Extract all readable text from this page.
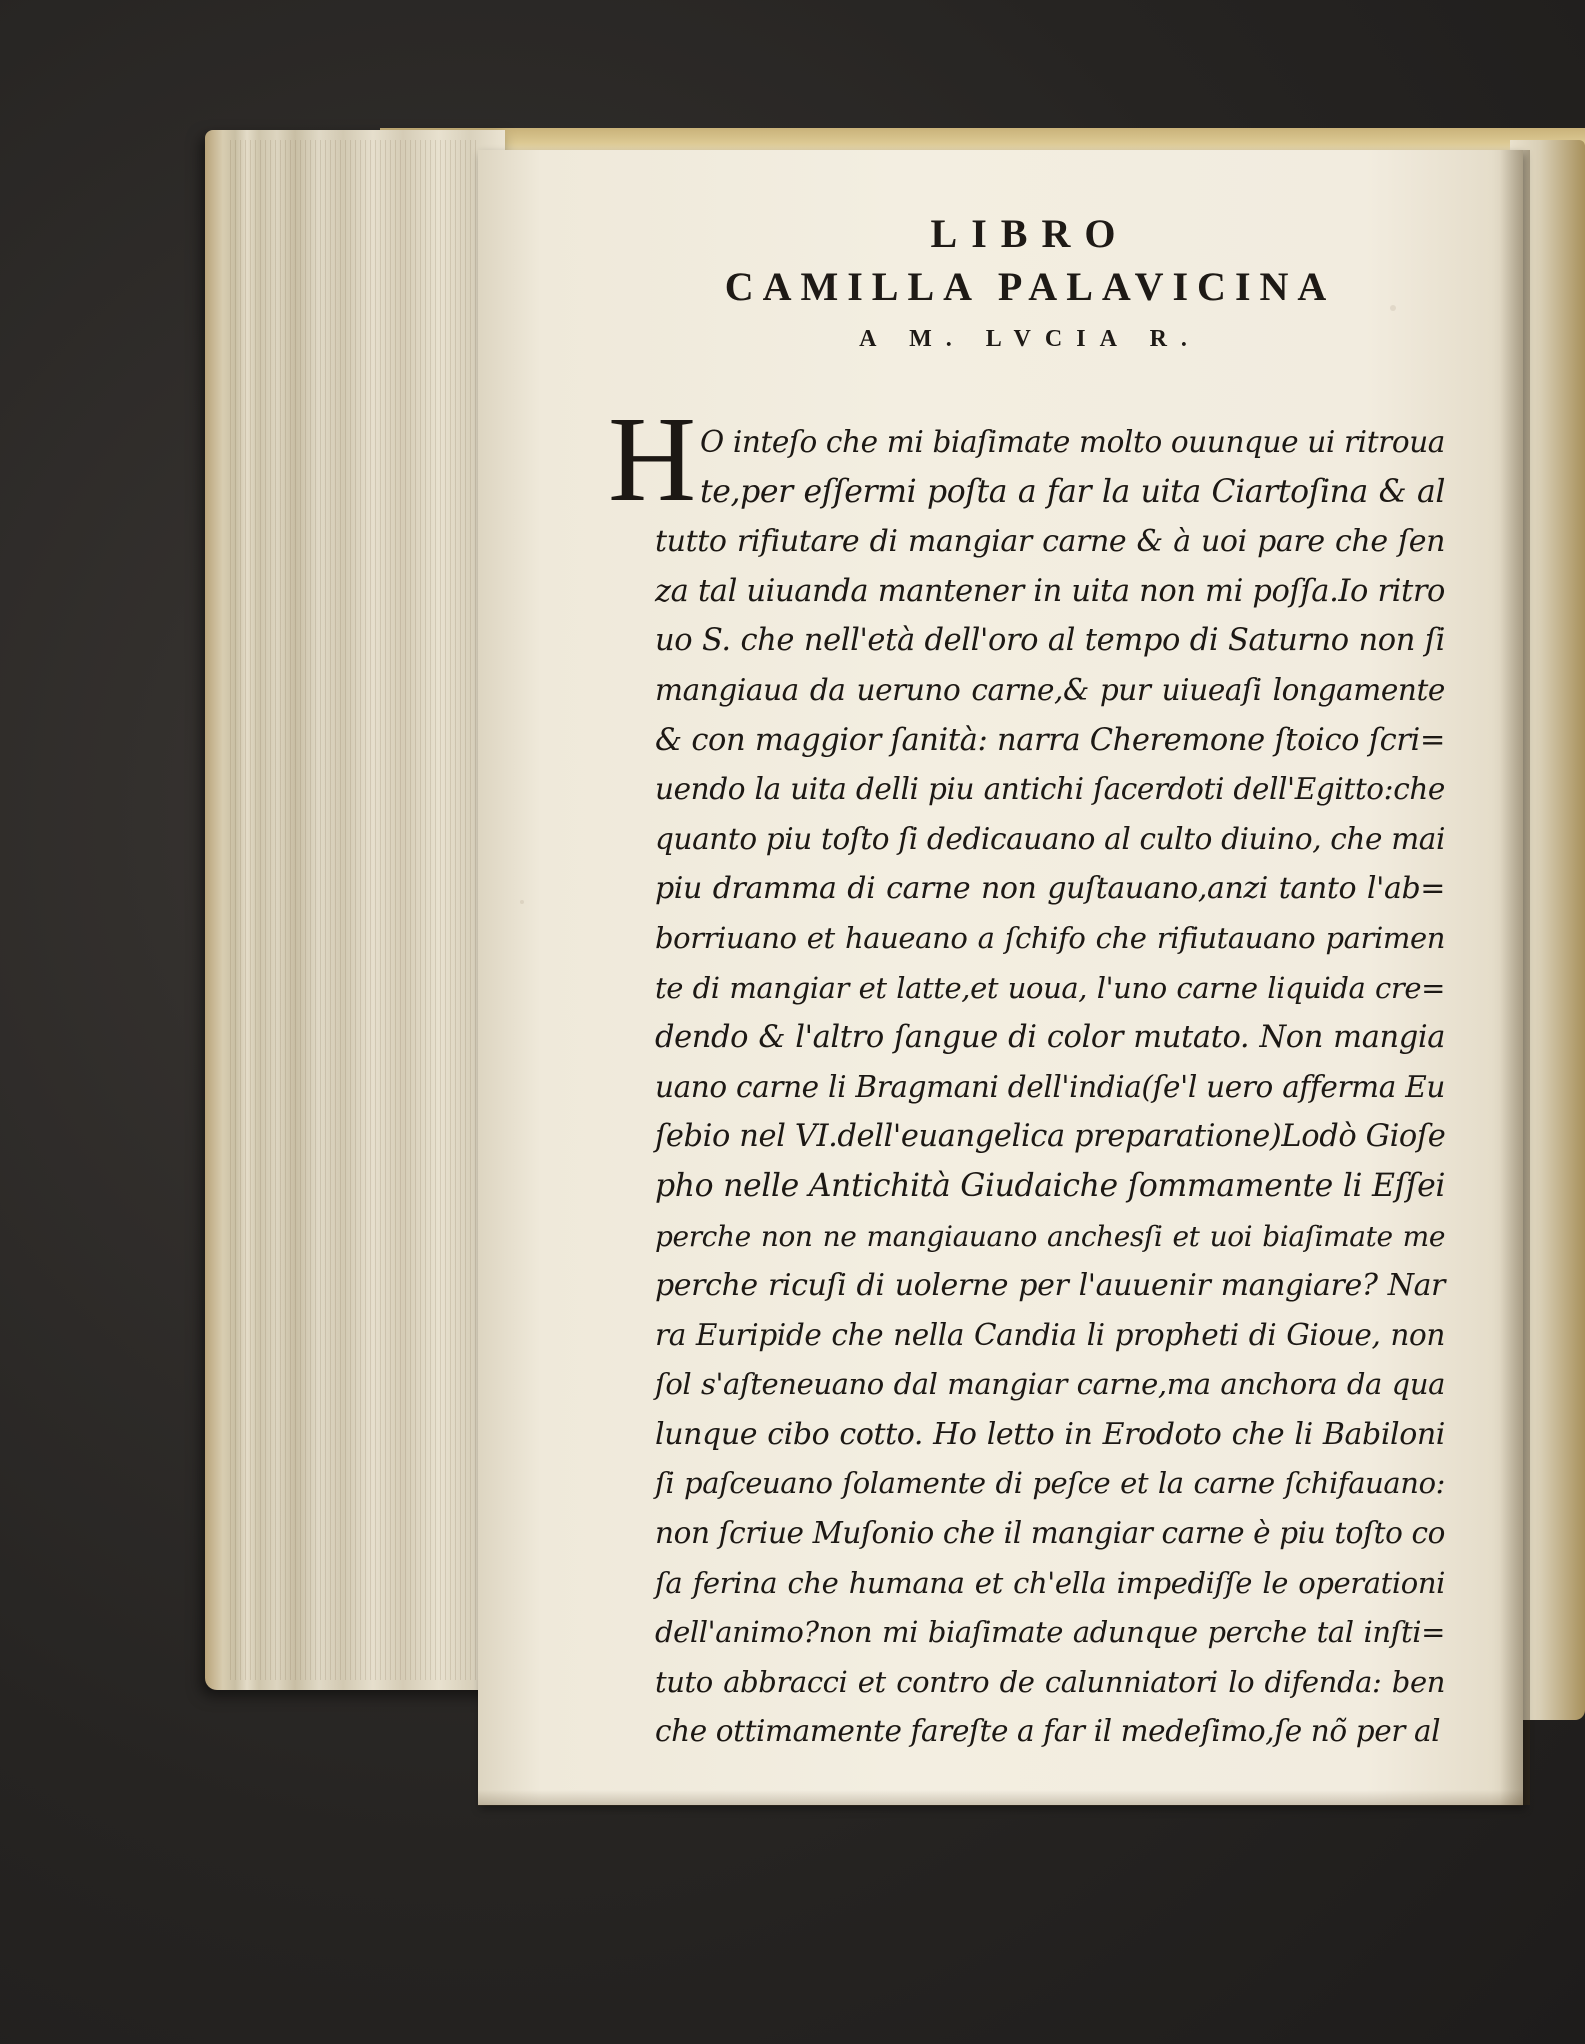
LIBRO
CAMILLA PALAVICINA
A M. LVCIA R.
H O inteſo che mi biaſimate molto ouunque ui ritroua
te,per eſſermi poſta a far la uita Ciartoſina & al
tutto rifiutare di mangiar carne & à uoi pare che ſen
za tal uiuanda mantener in uita non mi poſſa.Io ritro
uo S. che nell'età dell'oro al tempo di Saturno non ſi
mangiaua da ueruno carne,& pur uiueaſi longamente
& con maggior ſanità: narra Cheremone ſtoico ſcri=
uendo la uita delli piu antichi ſacerdoti dell'Egitto:che
quanto piu toſto ſi dedicauano al culto diuino, che mai
piu dramma di carne non guſtauano,anzi tanto l'ab=
borriuano et haueano a ſchifo che rifiutauano parimen
te di mangiar et latte,et uoua, l'uno carne liquida cre=
dendo & l'altro ſangue di color mutato. Non mangia
uano carne li Bragmani dell'india(ſe'l uero afferma Eu
ſebio nel VI.dell'euangelica preparatione)Lodò Gioſe
pho nelle Antichità Giudaiche ſommamente li Eſſei
perche non ne mangiauano anchesſi et uoi biaſimate me
perche ricuſi di uolerne per l'auuenir mangiare? Nar
ra Euripide che nella Candia li propheti di Gioue, non
ſol s'aſteneuano dal mangiar carne,ma anchora da qua
lunque cibo cotto. Ho letto in Erodoto che li Babiloni
ſi paſceuano ſolamente di peſce et la carne ſchifauano:
non ſcriue Muſonio che il mangiar carne è piu toſto co
ſa ferina che humana et ch'ella impediſſe le operationi
dell'animo?non mi biaſimate adunque perche tal inſti=
tuto abbracci et contro de calunniatori lo difenda: ben
che ottimamente fareſte a far il medeſimo,ſe nõ per al
